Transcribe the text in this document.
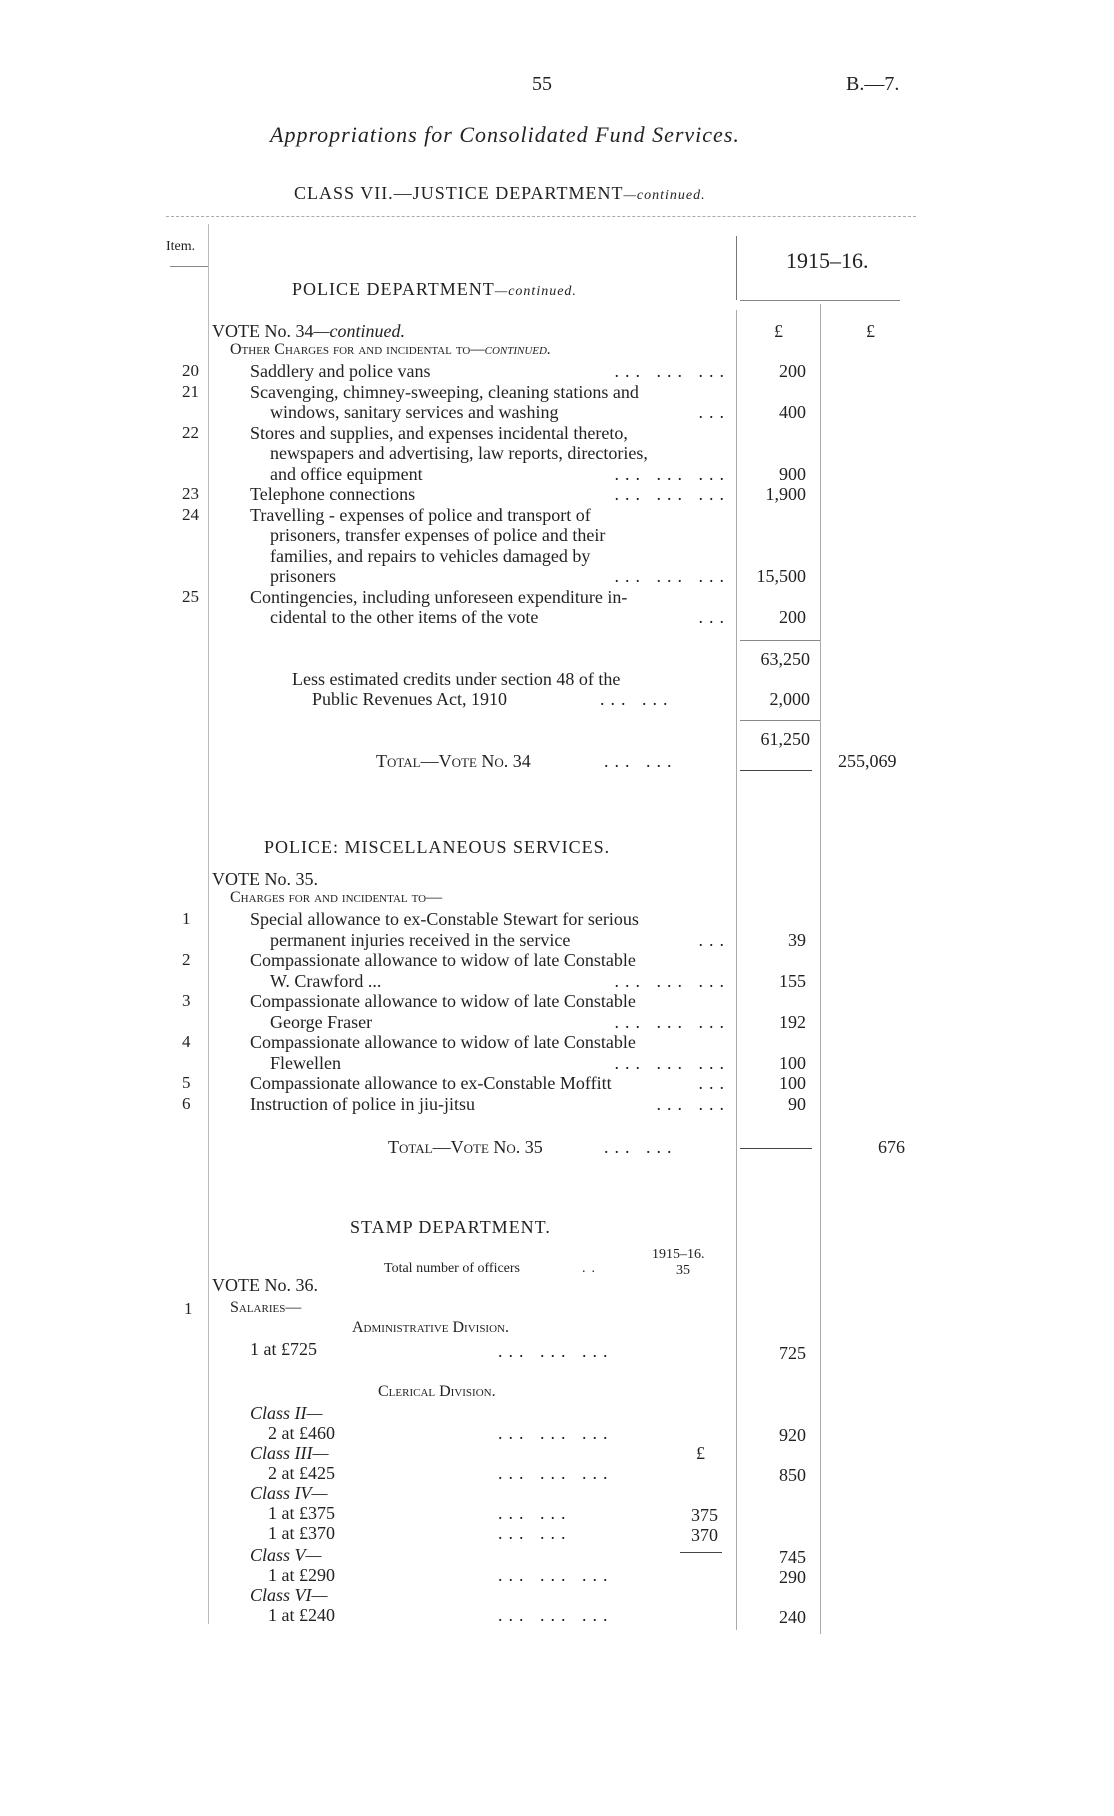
55	B.—7.
Appropriations for Consolidated Fund Services.
CLASS VII.—JUSTICE DEPARTMENT—continued.
Item.
1915–16.
POLICE DEPARTMENT—continued.
VOTE No. 34—continued.	£	£
Other Charges for and incidental to—continued.
20	Saddlery and police vans	... ... ...	200
21	Scavenging, chimney-sweeping, cleaning stations and
windows, sanitary services and washing	...	400
22	Stores and supplies, and expenses incidental thereto,
newspapers and advertising, law reports, directories,
and office equipment	... ... ...	900
23	Telephone connections	... ... ...	1,900
24	Travelling - expenses of police and transport of
prisoners, transfer expenses of police and their
families, and repairs to vehicles damaged by
prisoners	... ... ...	15,500
25	Contingencies, including unforeseen expenditure in-
cidental to the other items of the vote	...	200
63,250
Less estimated credits under section 48 of the
Public Revenues Act, 1910	... ...	2,000
61,250
Total—Vote No. 34	... ...	255,069
POLICE: MISCELLANEOUS SERVICES.
VOTE No. 35.
Charges for and incidental to—
1	Special allowance to ex-Constable Stewart for serious
permanent injuries received in the service	...	39
2	Compassionate allowance to widow of late Constable
W. Crawford ...	... ... ...	155
3	Compassionate allowance to widow of late Constable
George Fraser	... ... ...	192
4	Compassionate allowance to widow of late Constable
Flewellen	... ... ...	100
5	Compassionate allowance to ex-Constable Moffitt	...	100
6	Instruction of police in jiu-jitsu	... ...	90
Total—Vote No. 35	... ...	676
STAMP DEPARTMENT.
1915–16.
Total number of officers	..	35
VOTE No. 36.
1 Salaries—
Administrative Division.
1 at £725	... ... ...	725
Clerical Division.
Class II—
2 at £460	... ... ...	920
Class III—	£
2 at £425	... ... ...	850
Class IV—
1 at £375	... ...	375
1 at £370	... ...	370
745
Class V—
1 at £290	... ... ...	290
Class VI—
1 at £240	... ... ...	240
